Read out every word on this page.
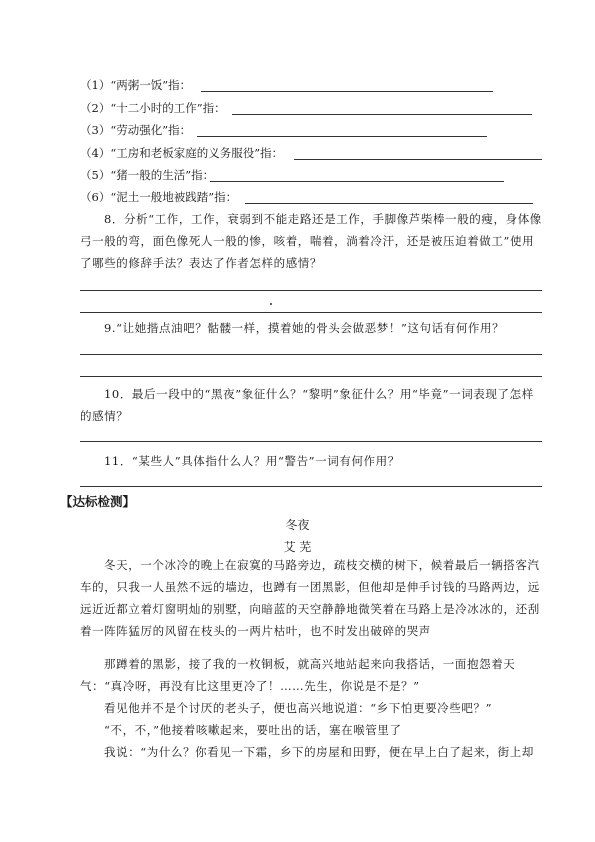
（1）“两粥一饭”指：
（2）“十二小时的工作”指：
（3）“劳动强化”指：
（4）“工房和老板家庭的义务服役”指：
（5）“猪一般的生活”指：
（6）“泥土一般地被践踏”指：
8．分析“工作，工作，衰弱到不能走路还是工作，手脚像芦柴棒一般的瘦，身体像弓一般的弯，面色像死人一般的惨，咳着，喘着，淌着冷汗，还是被压迫着做工”使用了哪些的修辞手法？表达了作者怎样的感情？
9.“让她揩点油吧？骷髅一样，摸着她的骨头会做恶梦！”这句话有何作用？
10．最后一段中的“黑夜”象征什么？“黎明”象征什么？用“毕竟”一词表现了怎样的感情？
11．“某些人”具体指什么人？用“警告”一词有何作用？
【达标检测】
冬夜
艾 芜
冬天，一个冰冷的晚上在寂寞的马路旁边，疏枝交横的树下，候着最后一辆搭客汽车的，只我一人虽然不远的墙边，也蹲有一团黑影，但他却是伸手讨钱的马路两边，远远近近都立着灯窗明灿的别墅，向暗蓝的天空静静地微笑着在马路上是冷冰冰的，还刮着一阵阵猛厉的风留在枝头的一两片枯叶，也不时发出破碎的哭声
那蹲着的黑影，接了我的一枚铜板，就高兴地站起来向我搭话，一面抱怨着天气：“真冷呀，再没有比这里更冷了！……先生，你说是不是？”
看见他并不是个讨厌的老头子，便也高兴地说道：“乡下怕更要冷些吧？”
“不，不，”他接着咳嗽起来，要吐出的话，塞在喉管里了
我说：“为什么？你看见一下霜，乡下的房屋和田野，便在早上白了起来，街上却
